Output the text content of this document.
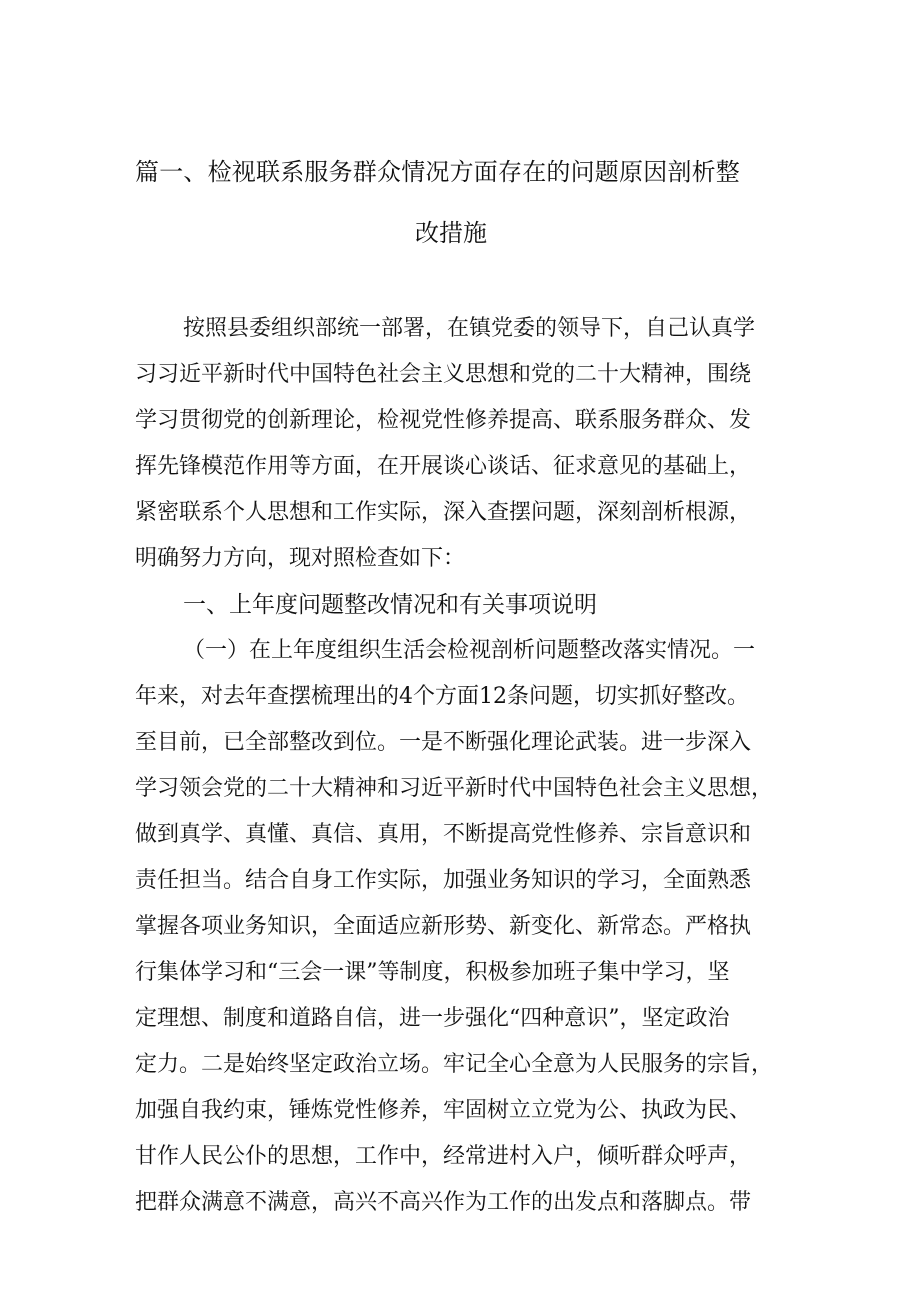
篇一、检视联系服务群众情况方面存在的问题原因剖析整
改措施
按照县委组织部统一部署，在镇党委的领导下，自己认真学
习习近平新时代中国特色社会主义思想和党的二十大精神，围绕
学习贯彻党的创新理论，检视党性修养提高、联系服务群众、发
挥先锋模范作用等方面，在开展谈心谈话、征求意见的基础上，
紧密联系个人思想和工作实际，深入查摆问题，深刻剖析根源，
明确努力方向，现对照检查如下：
一、上年度问题整改情况和有关事项说明
（一）在上年度组织生活会检视剖析问题整改落实情况。一
年来，对去年查摆梳理出的4个方面12条问题，切实抓好整改。
至目前，已全部整改到位。一是不断强化理论武装。进一步深入
学习领会党的二十大精神和习近平新时代中国特色社会主义思想，
做到真学、真懂、真信、真用，不断提高党性修养、宗旨意识和
责任担当。结合自身工作实际，加强业务知识的学习，全面熟悉
掌握各项业务知识，全面适应新形势、新变化、新常态。严格执
行集体学习和“三会一课”等制度，积极参加班子集中学习，坚
定理想、制度和道路自信，进一步强化“四种意识”，坚定政治
定力。二是始终坚定政治立场。牢记全心全意为人民服务的宗旨，
加强自我约束，锤炼党性修养，牢固树立立党为公、执政为民、
甘作人民公仆的思想，工作中，经常进村入户，倾听群众呼声，
把群众满意不满意，高兴不高兴作为工作的出发点和落脚点。带
